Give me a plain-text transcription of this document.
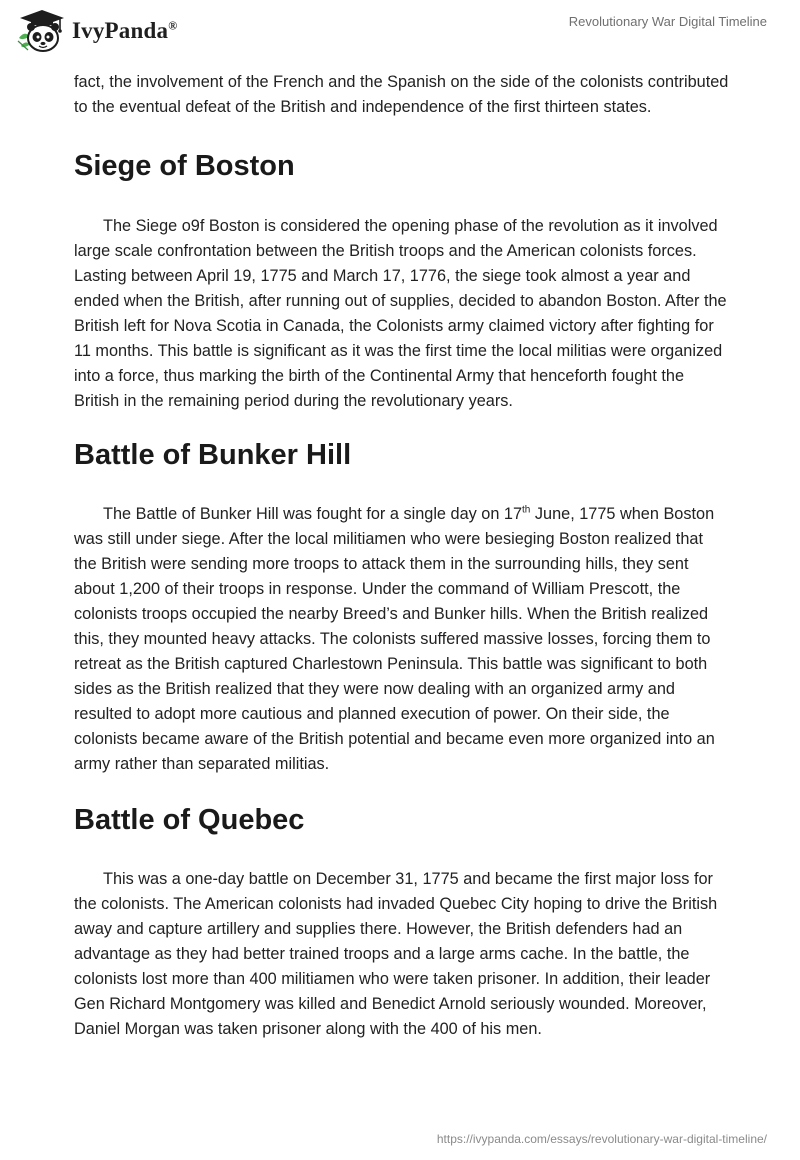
IvyPanda®	Revolutionary War Digital Timeline

fact, the involvement of the French and the Spanish on the side of the colonists contributed to the eventual defeat of the British and independence of the first thirteen states.

Siege of Boston

The Siege o9f Boston is considered the opening phase of the revolution as it involved large scale confrontation between the British troops and the American colonists forces. Lasting between April 19, 1775 and March 17, 1776, the siege took almost a year and ended when the British, after running out of supplies, decided to abandon Boston. After the British left for Nova Scotia in Canada, the Colonists army claimed victory after fighting for 11 months. This battle is significant as it was the first time the local militias were organized into a force, thus marking the birth of the Continental Army that henceforth fought the British in the remaining period during the revolutionary years.

Battle of Bunker Hill

The Battle of Bunker Hill was fought for a single day on 17th June, 1775 when Boston was still under siege. After the local militiamen who were besieging Boston realized that the British were sending more troops to attack them in the surrounding hills, they sent about 1,200 of their troops in response. Under the command of William Prescott, the colonists troops occupied the nearby Breed’s and Bunker hills. When the British realized this, they mounted heavy attacks. The colonists suffered massive losses, forcing them to retreat as the British captured Charlestown Peninsula. This battle was significant to both sides as the British realized that they were now dealing with an organized army and resulted to adopt more cautious and planned execution of power. On their side, the colonists became aware of the British potential and became even more organized into an army rather than separated militias.

Battle of Quebec

This was a one-day battle on December 31, 1775 and became the first major loss for the colonists. The American colonists had invaded Quebec City hoping to drive the British away and capture artillery and supplies there. However, the British defenders had an advantage as they had better trained troops and a large arms cache. In the battle, the colonists lost more than 400 militiamen who were taken prisoner. In addition, their leader Gen Richard Montgomery was killed and Benedict Arnold seriously wounded. Moreover, Daniel Morgan was taken prisoner along with the 400 of his men.

https://ivypanda.com/essays/revolutionary-war-digital-timeline/
